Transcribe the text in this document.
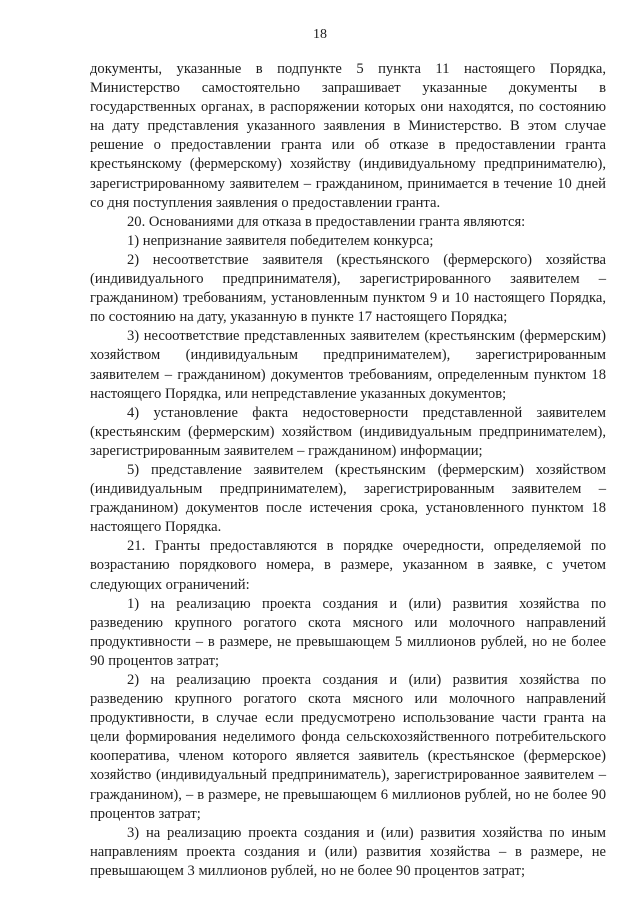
18

документы, указанные в подпункте 5 пункта 11 настоящего Порядка, Министерство самостоятельно запрашивает указанные документы в государственных органах, в распоряжении которых они находятся, по состоянию на дату представления указанного заявления в Министерство. В этом случае решение о предоставлении гранта или об отказе в предоставлении гранта крестьянскому (фермерскому) хозяйству (индивидуальному предпринимателю), зарегистрированному заявителем – гражданином, принимается в течение 10 дней со дня поступления заявления о предоставлении гранта.

20. Основаниями для отказа в предоставлении гранта являются:

1) непризнание заявителя победителем конкурса;

2) несоответствие заявителя (крестьянского (фермерского) хозяйства (индивидуального предпринимателя), зарегистрированного заявителем – гражданином) требованиям, установленным пунктом 9 и 10 настоящего Порядка, по состоянию на дату, указанную в пункте 17 настоящего Порядка;

3) несоответствие представленных заявителем (крестьянским (фермерским) хозяйством (индивидуальным предпринимателем), зарегистрированным заявителем – гражданином) документов требованиям, определенным пунктом 18 настоящего Порядка, или непредставление указанных документов;

4) установление факта недостоверности представленной заявителем (крестьянским (фермерским) хозяйством (индивидуальным предпринимателем), зарегистрированным заявителем – гражданином) информации;

5) представление заявителем (крестьянским (фермерским) хозяйством (индивидуальным предпринимателем), зарегистрированным заявителем – гражданином) документов после истечения срока, установленного пунктом 18 настоящего Порядка.

21. Гранты предоставляются в порядке очередности, определяемой по возрастанию порядкового номера, в размере, указанном в заявке, с учетом следующих ограничений:

1) на реализацию проекта создания и (или) развития хозяйства по разведению крупного рогатого скота мясного или молочного направлений продуктивности – в размере, не превышающем 5 миллионов рублей, но не более 90 процентов затрат;

2) на реализацию проекта создания и (или) развития хозяйства по разведению крупного рогатого скота мясного или молочного направлений продуктивности, в случае если предусмотрено использование части гранта на цели формирования неделимого фонда сельскохозяйственного потребительского кооператива, членом которого является заявитель (крестьянское (фермерское) хозяйство (индивидуальный предприниматель), зарегистрированное заявителем – гражданином), – в размере, не превышающем 6 миллионов рублей, но не более 90 процентов затрат;

3) на реализацию проекта создания и (или) развития хозяйства по иным направлениям проекта создания и (или) развития хозяйства – в размере, не превышающем 3 миллионов рублей, но не более 90 процентов затрат;
